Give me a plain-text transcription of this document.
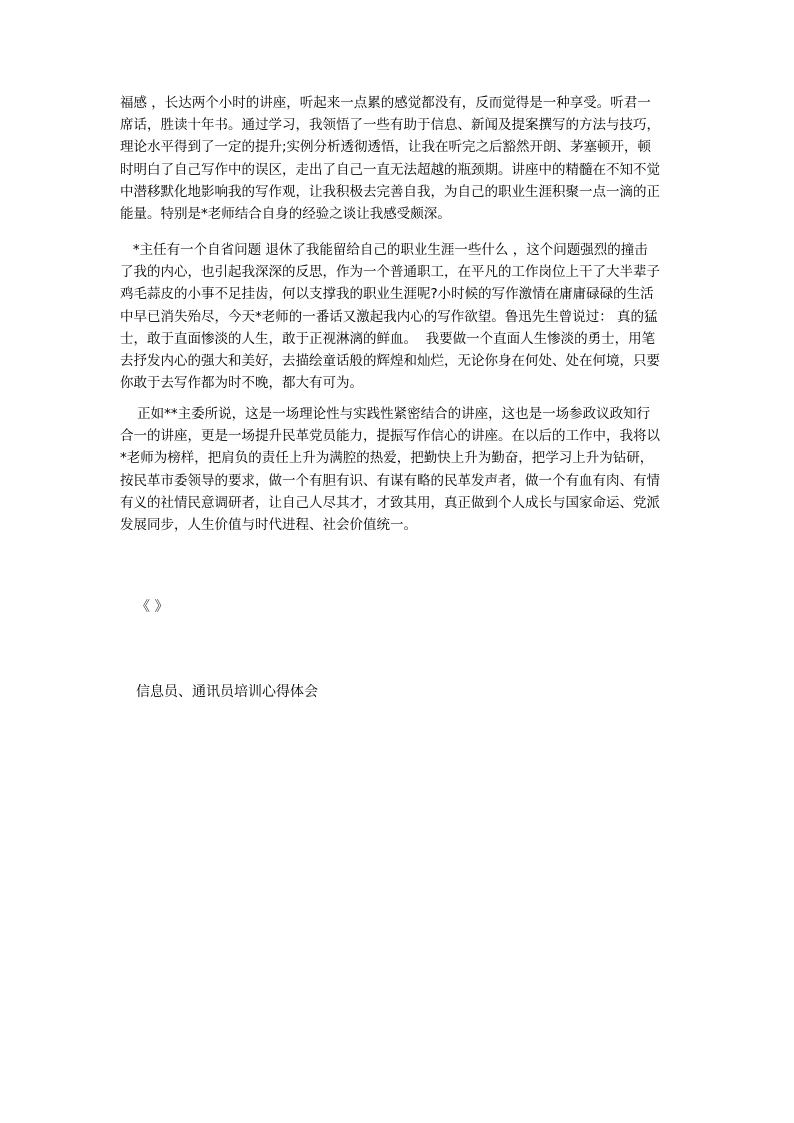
福感 ，长达两个小时的讲座，听起来一点累的感觉都没有，反而觉得是一种享受。听君一
席话，胜读十年书。通过学习，我领悟了一些有助于信息、新闻及提案撰写的方法与技巧，
理论水平得到了一定的提升;实例分析透彻透悟，让我在听完之后豁然开朗、茅塞顿开，顿
时明白了自己写作中的误区，走出了自己一直无法超越的瓶颈期。讲座中的精髓在不知不觉
中潜移默化地影响我的写作观，让我积极去完善自我，为自己的职业生涯积聚一点一滴的正
能量。特别是*老师结合自身的经验之谈让我感受颇深。
*主任有一个自省问题 退休了我能留给自己的职业生涯一些什么 ，这个问题强烈的撞击
了我的内心，也引起我深深的反思，作为一个普通职工，在平凡的工作岗位上干了大半辈子
鸡毛蒜皮的小事不足挂齿，何以支撑我的职业生涯呢?小时候的写作激情在庸庸碌碌的生活
中早已消失殆尽，今天*老师的一番话又激起我内心的写作欲望。鲁迅先生曾说过： 真的猛
士，敢于直面惨淡的人生，敢于正视淋漓的鲜血。  我要做一个直面人生惨淡的勇士，用笔
去抒发内心的强大和美好，去描绘童话般的辉煌和灿烂，无论你身在何处、处在何境，只要
你敢于去写作都为时不晚，都大有可为。
正如**主委所说，这是一场理论性与实践性紧密结合的讲座，这也是一场参政议政知行
合一的讲座，更是一场提升民革党员能力，提振写作信心的讲座。在以后的工作中，我将以
*老师为榜样，把肩负的责任上升为满腔的热爱，把勤快上升为勤奋，把学习上升为钻研，
按民革市委领导的要求，做一个有胆有识、有谋有略的民革发声者，做一个有血有肉、有情
有义的社情民意调研者，让自己人尽其才，才致其用，真正做到个人成长与国家命运、党派
发展同步，人生价值与时代进程、社会价值统一。

《 》

信息员、通讯员培训心得体会
